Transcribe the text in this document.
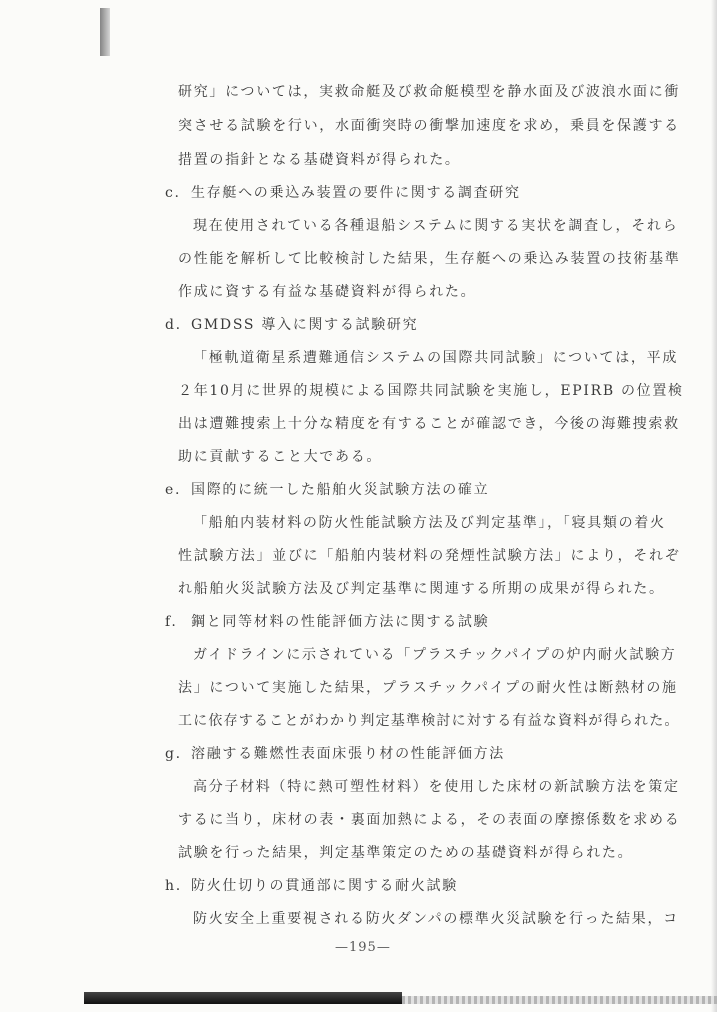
研究」については，実救命艇及び救命艇模型を静水面及び波浪水面に衝
突させる試験を行い，水面衝突時の衝撃加速度を求め，乗員を保護する
措置の指針となる基礎資料が得られた。
c. 生存艇への乗込み装置の要件に関する調査研究
現在使用されている各種退船システムに関する実状を調査し，それら
の性能を解析して比較検討した結果，生存艇への乗込み装置の技術基準
作成に資する有益な基礎資料が得られた。
d. GMDSS 導入に関する試験研究
「極軌道衛星系遭難通信システムの国際共同試験」については，平成
２年10月に世界的規模による国際共同試験を実施し，EPIRB の位置検
出は遭難捜索上十分な精度を有することが確認でき，今後の海難捜索救
助に貢献すること大である。
e. 国際的に統一した船舶火災試験方法の確立
「船舶内装材料の防火性能試験方法及び判定基準」，「寝具類の着火
性試験方法」並びに「船舶内装材料の発煙性試験方法」により，それぞ
れ船舶火災試験方法及び判定基準に関連する所期の成果が得られた。
f. 鋼と同等材料の性能評価方法に関する試験
ガイドラインに示されている「プラスチックパイプの炉内耐火試験方
法」について実施した結果，プラスチックパイプの耐火性は断熱材の施
工に依存することがわかり判定基準検討に対する有益な資料が得られた。
g. 溶融する難燃性表面床張り材の性能評価方法
高分子材料（特に熱可塑性材料）を使用した床材の新試験方法を策定
するに当り，床材の表・裏面加熱による，その表面の摩擦係数を求める
試験を行った結果，判定基準策定のための基礎資料が得られた。
h. 防火仕切りの貫通部に関する耐火試験
防火安全上重要視される防火ダンパの標準火災試験を行った結果，コ
—195—
